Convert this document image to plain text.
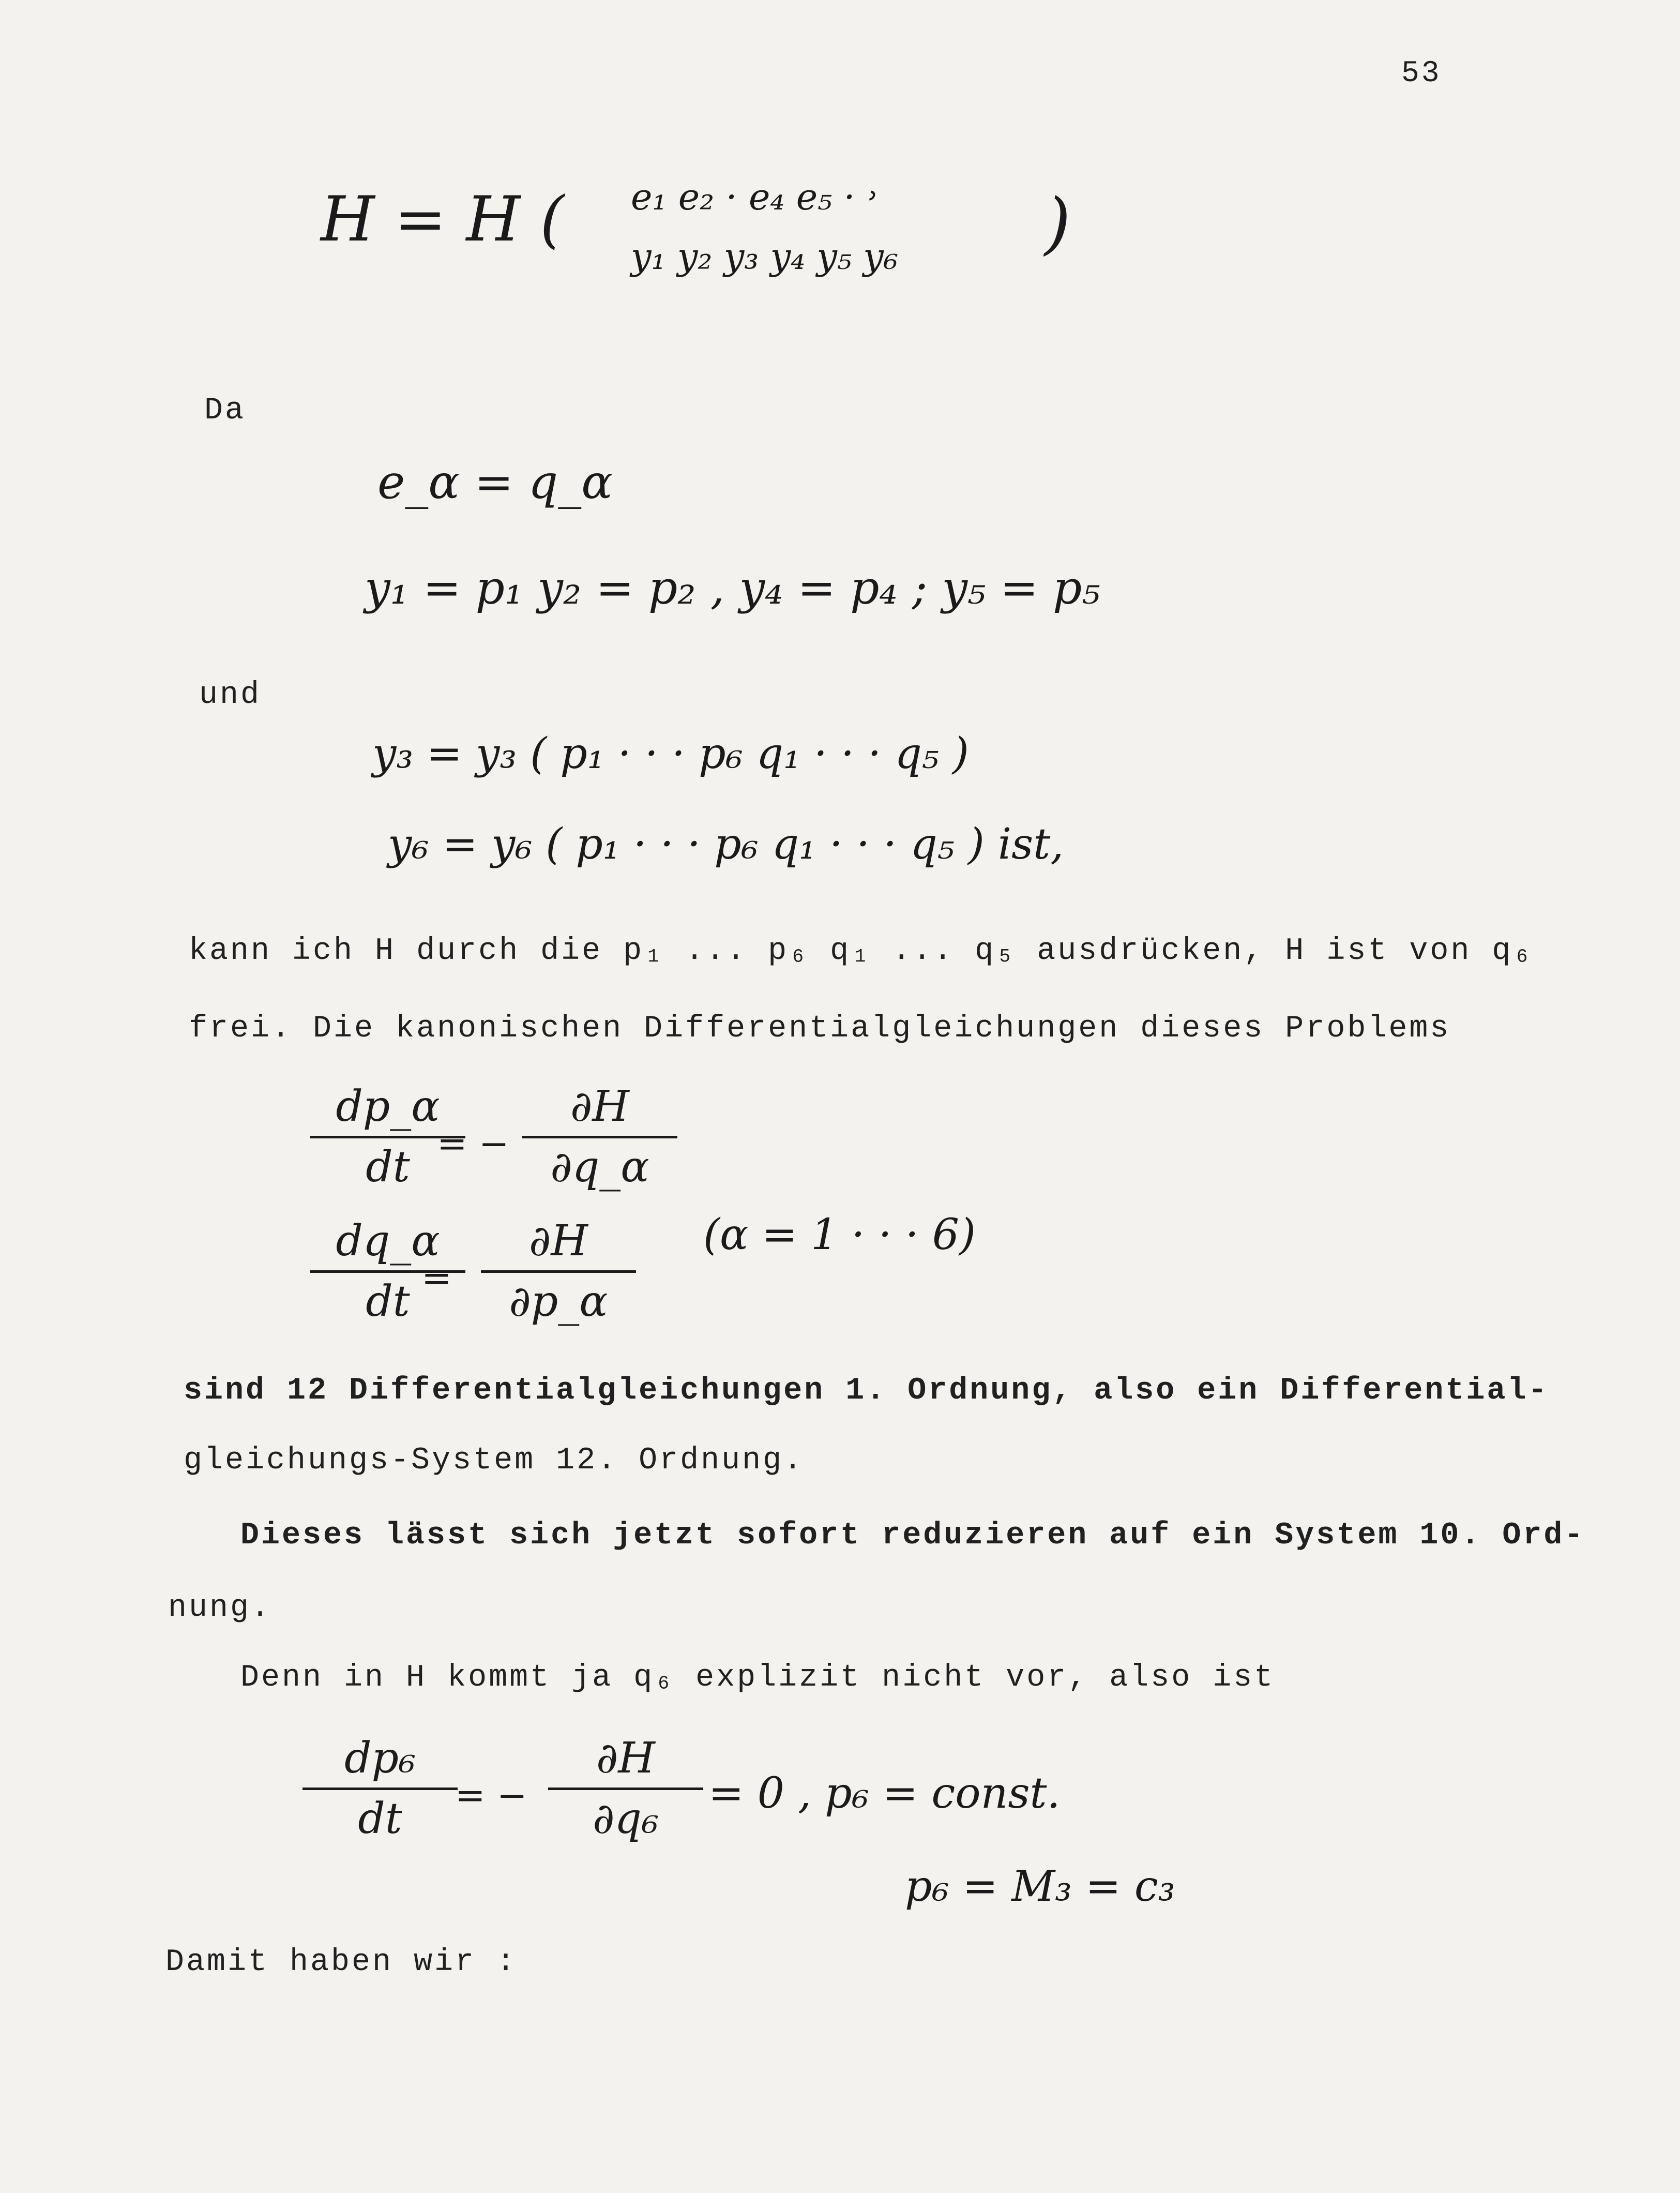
53
H = H ( e₁ e₂ · e₄ e₅ · ˒
y₁ y₂ y₃ y₄ y₅ y₆ )
Da
e_α = q_α
y₁ = p₁ y₂ = p₂ , y₄ = p₄ ; y₅ = p₅
und
y₃ = y₃ ( p₁ · · · p₆ q₁ · · · q₅ )
y₆ = y₆ ( p₁ · · · p₆ q₁ · · · q₅ ) ist,
kann ich H durch die p₁ ... p₆ q₁ ... q₅ ausdrücken, H ist von q₆
frei. Die kanonischen Differentialgleichungen dieses Problems
dp_α
dt = −
∂H
∂q_α
dq_α
dt =
∂H
∂p_α
(α = 1 · · · 6)
sind 12 Differentialgleichungen 1. Ordnung, also ein Differential-
gleichungs-System 12. Ordnung.
Dieses lässt sich jetzt sofort reduzieren auf ein System 10. Ord-
nung.
Denn in H kommt ja q₆ explizit nicht vor, also ist
dp₆
dt	= −
∂H
∂q₆
= 0 , p₆ = const.
p₆ = M₃ = c₃
Damit haben wir :
